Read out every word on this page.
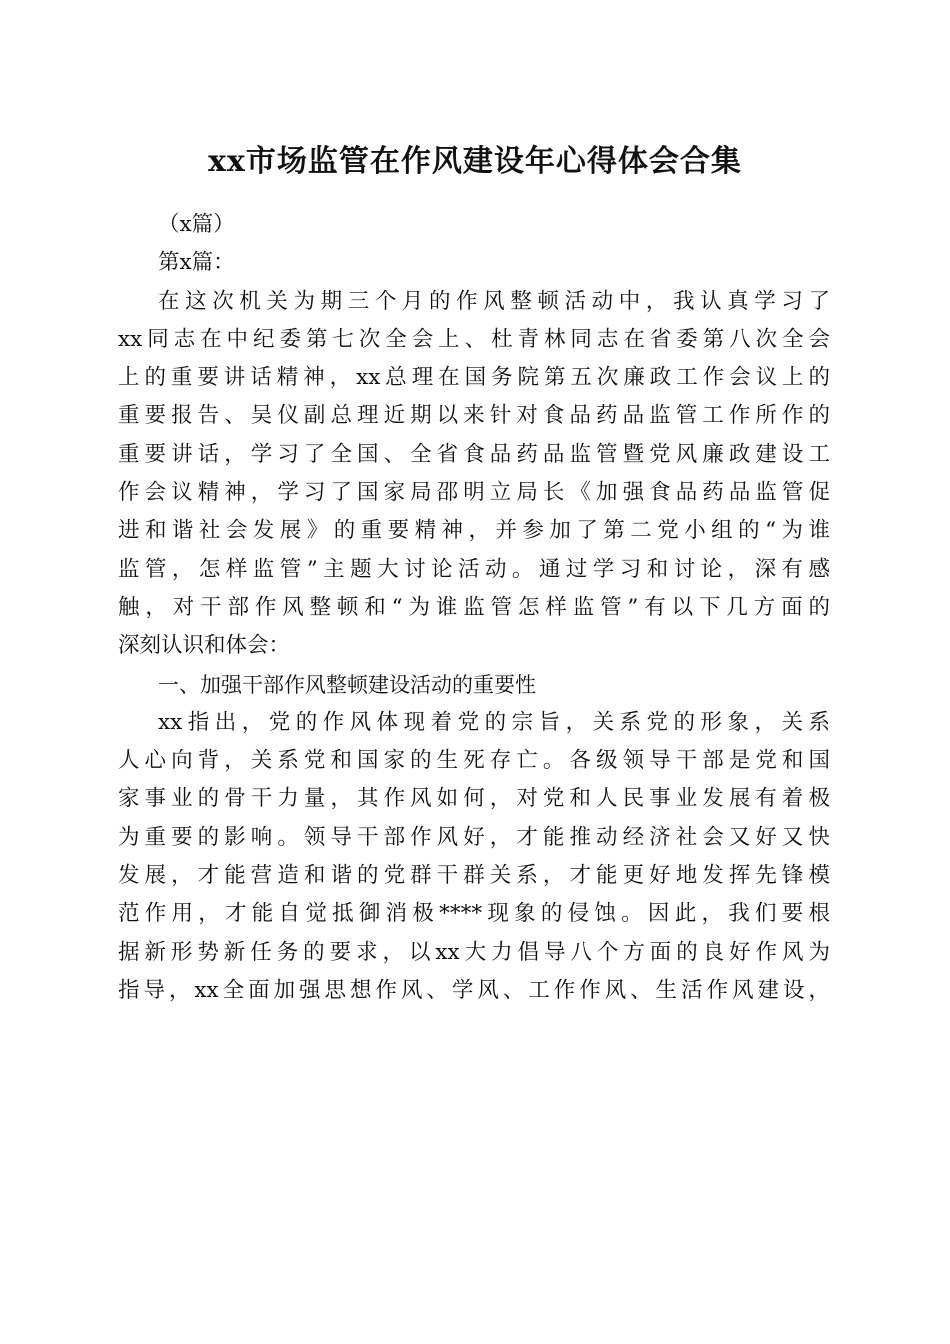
xx市场监管在作风建设年心得体会合集
（x篇）
第x篇：
在这次机关为期三个月的作风整顿活动中，我认真学习了
xx同志在中纪委第七次全会上、杜青林同志在省委第八次全会
上的重要讲话精神，xx总理在国务院第五次廉政工作会议上的
重要报告、吴仪副总理近期以来针对食品药品监管工作所作的
重要讲话，学习了全国、全省食品药品监管暨党风廉政建设工
作会议精神，学习了国家局邵明立局长《加强食品药品监管促
进和谐社会发展》的重要精神，并参加了第二党小组的“为谁
监管，怎样监管”主题大讨论活动。通过学习和讨论，深有感
触，对干部作风整顿和“为谁监管怎样监管”有以下几方面的
深刻认识和体会：
一、加强干部作风整顿建设活动的重要性
xx指出，党的作风体现着党的宗旨，关系党的形象，关系
人心向背，关系党和国家的生死存亡。各级领导干部是党和国
家事业的骨干力量，其作风如何，对党和人民事业发展有着极
为重要的影响。领导干部作风好，才能推动经济社会又好又快
发展，才能营造和谐的党群干群关系，才能更好地发挥先锋模
范作用，才能自觉抵御消极****现象的侵蚀。因此，我们要根
据新形势新任务的要求，以xx大力倡导八个方面的良好作风为
指导，xx全面加强思想作风、学风、工作作风、生活作风建设，
